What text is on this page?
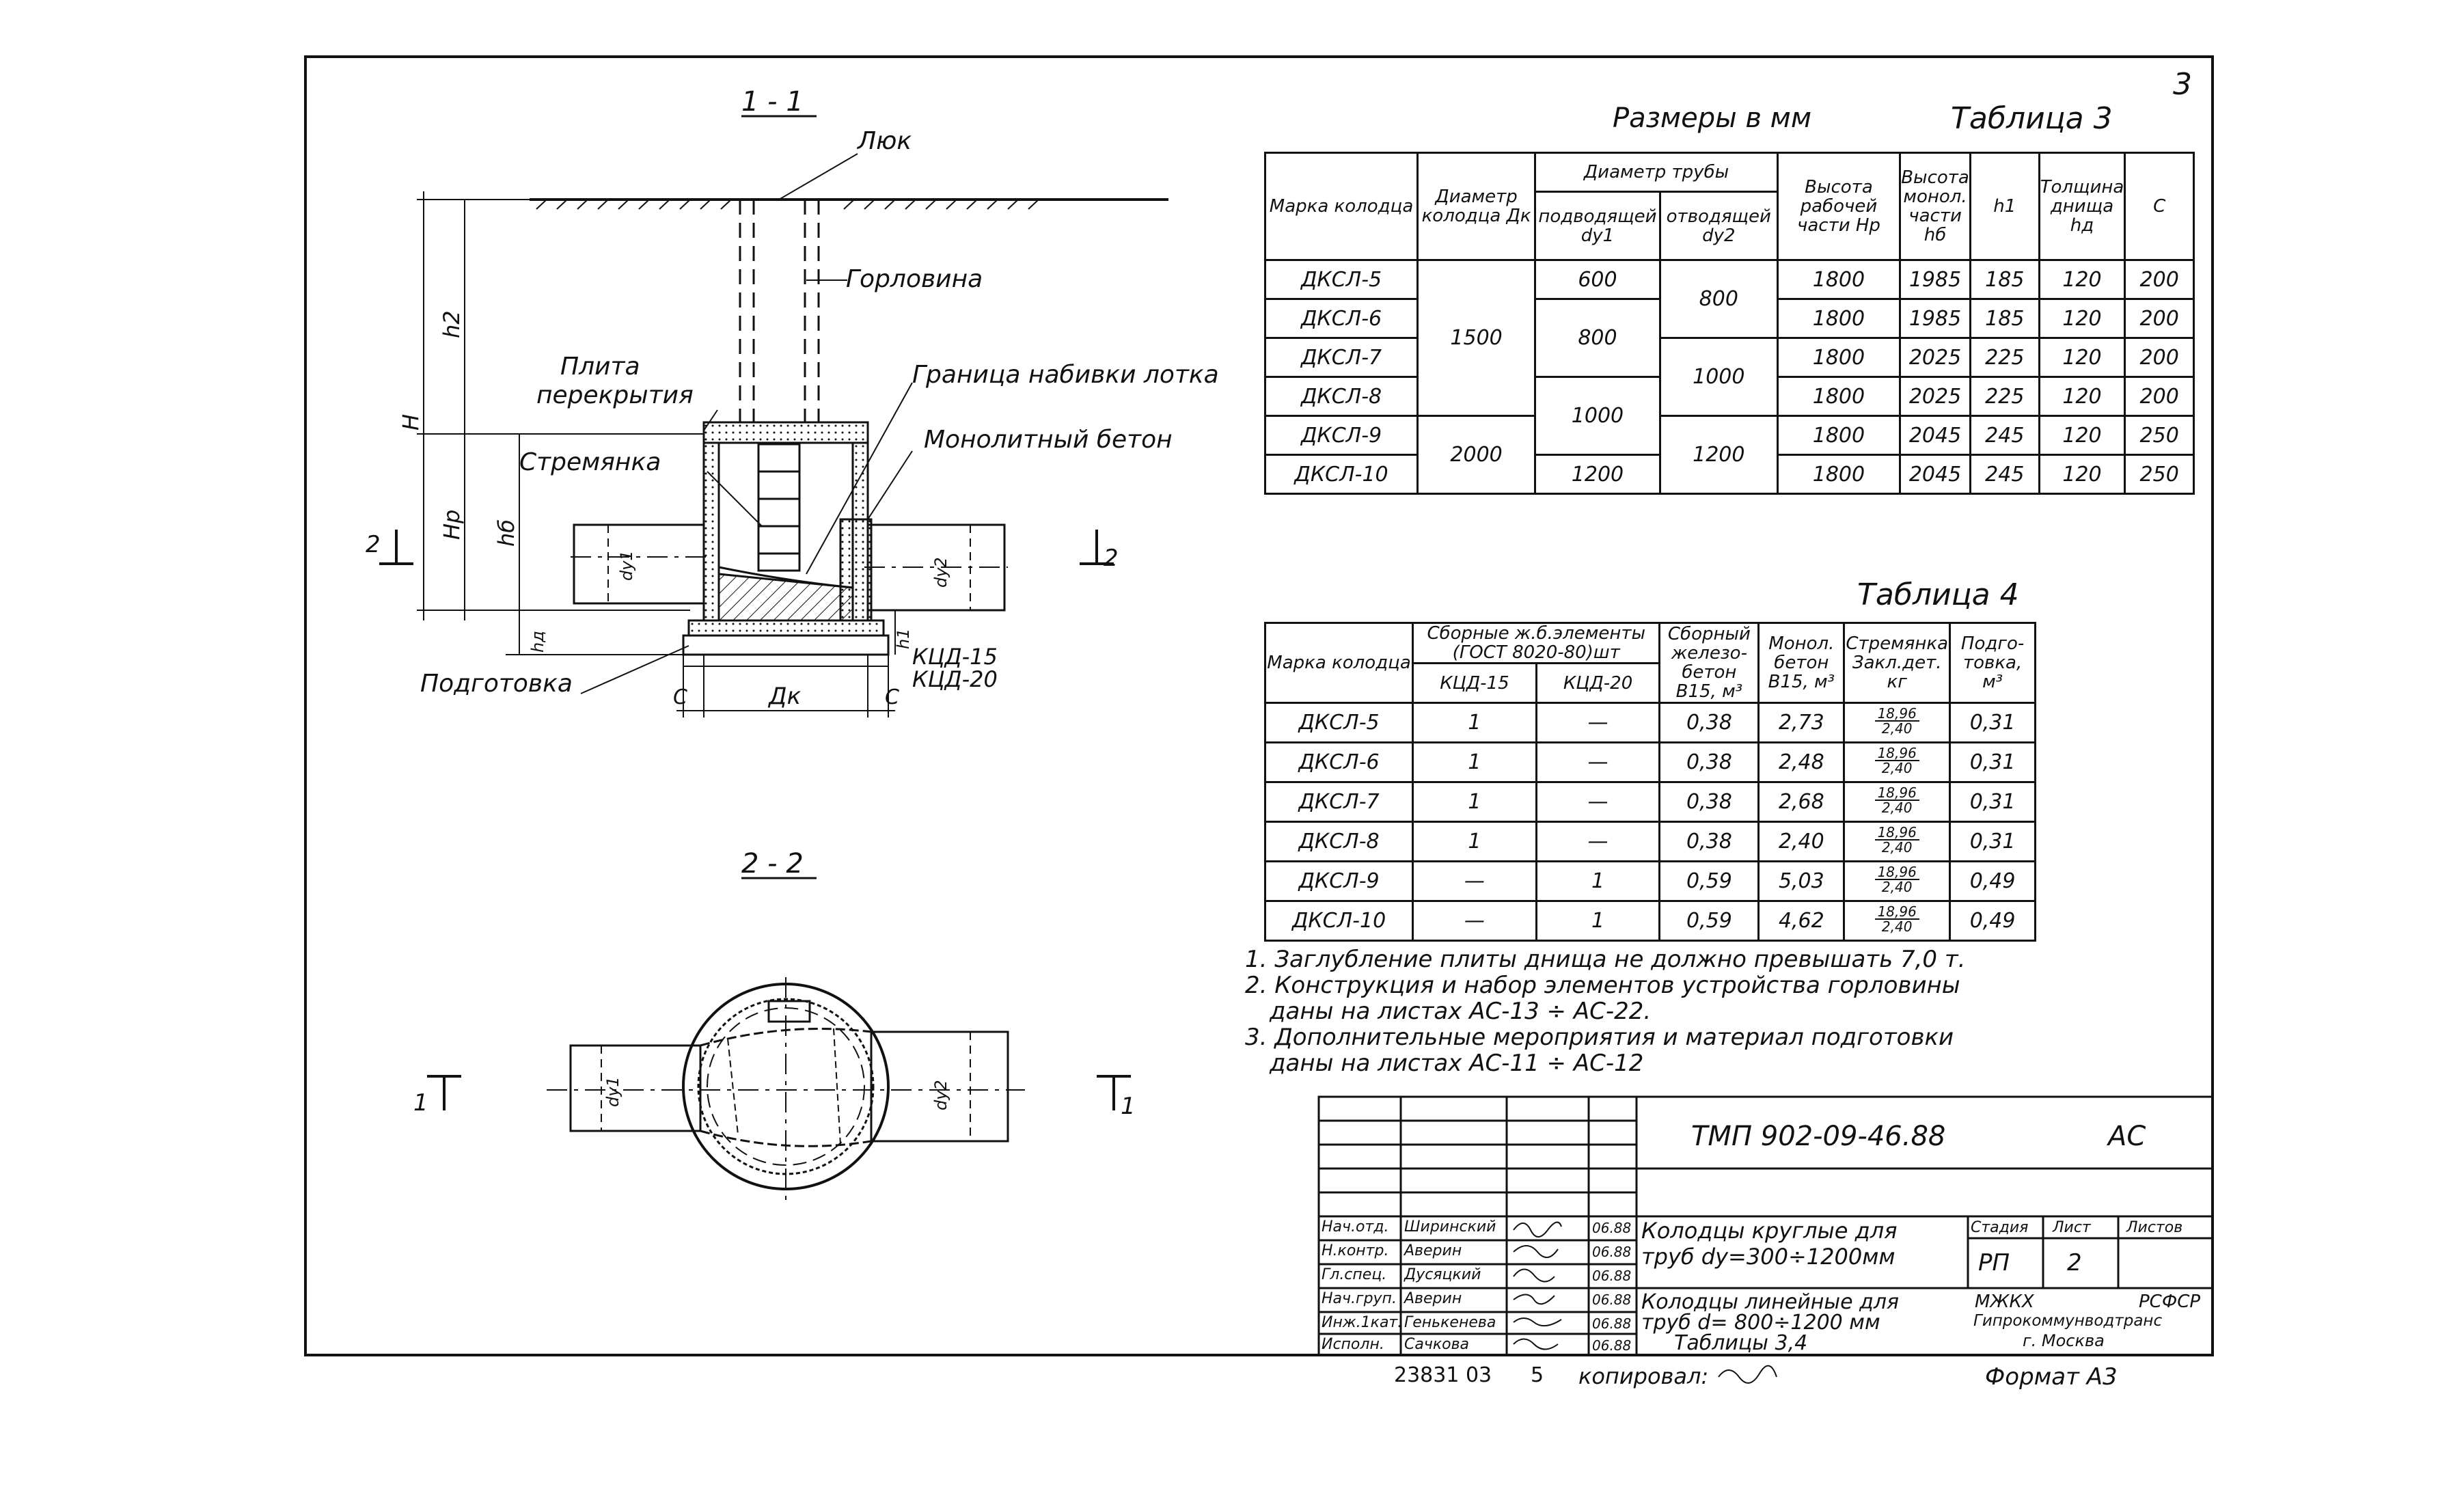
1 - 1
2 - 2
Люк
Горловина
Плита
перекрытия
Граница набивки лотка
Монолитный бетон
Стремянка
Подготовка
КЦД-15
КЦД-20
Дк
C	C
h2
H
Hр hб
hд	h1
dy1	dy2
dy1	dy2
2	2
1	1
3
Размеры в мм	Таблица 3
Марка колодца	Диаметр колодца Дк	Диаметр трубы		Высота рабочей части Hр	Высота монол. части hб	h1	Толщина днища hд	C
		подводящей dy1	отводящей dy2					
ДКСЛ-5	1500	600	800	1800	1985	185	120	200
ДКСЛ-6		800		1800	1985	185	120	200
ДКСЛ-7			1000	1800	2025	225	120	200
ДКСЛ-8		1000		1800	2025	225	120	200
ДКСЛ-9	2000		1200	1800	2045	245	120	250
ДКСЛ-10		1200		1800	2045	245	120	250
Таблица 4
Марка колодца	Сборные ж.б.элементы (ГОСТ 8020-80)шт		Сборный железо-бетон В15, м³	Монол. бетон В15, м³	Стремянка Закл.дет. кг	Подго-товка, м³
	КЦД-15	КЦД-20				
ДКСЛ-5	1	—	0,38	2,73	$\frac{18,96}{2,40}$	0,31
ДКСЛ-6	1	—	0,38	2,48	$\frac{18,96}{2,40}$	0,31
ДКСЛ-7	1	—	0,38	2,68	$\frac{18,96}{2,40}$	0,31
ДКСЛ-8	1	—	0,38	2,40	$\frac{18,96}{2,40}$	0,31
ДКСЛ-9	—	1	0,59	5,03	$\frac{18,96}{2,40}$	0,49
ДКСЛ-10	—	1	0,59	4,62	$\frac{18,96}{2,40}$	0,49
1. Заглубление плиты днища не должно превышать 7,0 т.
2. Конструкция и набор элементов устройства горловины
даны на листах АС-13 ÷ АС-22.
3. Дополнительные мероприятия и материал подготовки
даны на листах АС-11 ÷ АС-12
ТМП 902-09-46.88	АС
Колодцы круглые для
труб dy=300÷1200мм
Колодцы линейные для
труб d= 800÷1200 мм
Таблицы 3,4
Стадия Лист Листов
РП 2
МЖКХ	РСФСР
Гипрокоммунводтранс
г. Москва
Нач.отд. Ширинский	06.88
Н.контр. Аверин	06.88
Гл.спец. Дусяцкий	06.88
Нач.груп. Аверин	06.88
Инж.1кат. Генькенева	06.88
Исполн. Сачкова	06.88
23831 03 5 копировал:	Формат А3
